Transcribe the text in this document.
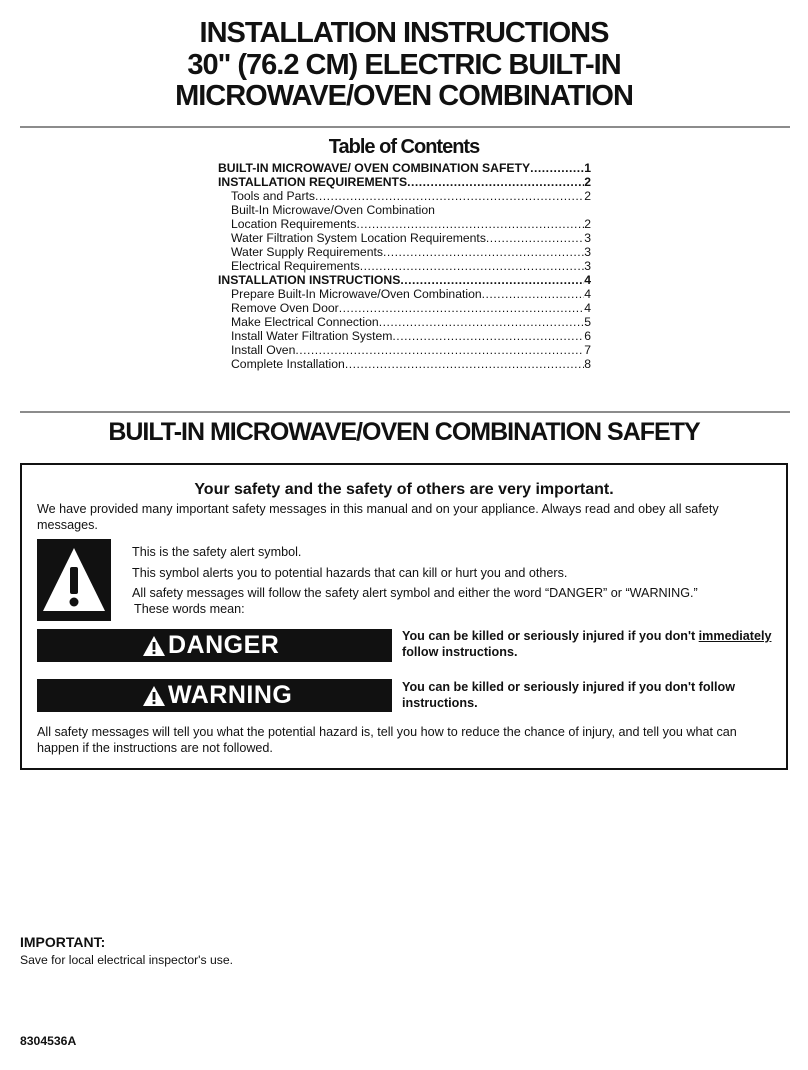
INSTALLATION INSTRUCTIONS
30" (76.2 CM) ELECTRIC BUILT-IN
MICROWAVE/OVEN COMBINATION
Table of Contents
BUILT-IN MICROWAVE/ OVEN COMBINATION SAFETY .....	1
INSTALLATION REQUIREMENTS .....	2
Tools and Parts .....	2
Built-In Microwave/Oven Combination
Location Requirements .....	2
Water Filtration System Location Requirements .....	3
Water Supply Requirements .....	3
Electrical Requirements .....	3
INSTALLATION INSTRUCTIONS .....	4
Prepare Built-In Microwave/Oven Combination .....	4
Remove Oven Door .....	4
Make Electrical Connection .....	5
Install Water Filtration System .....	6
Install Oven .....	7
Complete Installation .....	8
BUILT-IN MICROWAVE/OVEN COMBINATION SAFETY
Your safety and the safety of others are very important.
We have provided many important safety messages in this manual and on your appliance. Always read and obey all safety messages.
This is the safety alert symbol.
This symbol alerts you to potential hazards that can kill or hurt you and others.
All safety messages will follow the safety alert symbol and either the word “DANGER” or “WARNING.”
These words mean:
DANGER	You can be killed or seriously injured if you don't immediately
follow instructions.
WARNING	You can be killed or seriously injured if you don't follow instructions.
All safety messages will tell you what the potential hazard is, tell you how to reduce the chance of injury, and tell you what can happen if the instructions are not followed.
IMPORTANT:
Save for local electrical inspector's use.
8304536A
